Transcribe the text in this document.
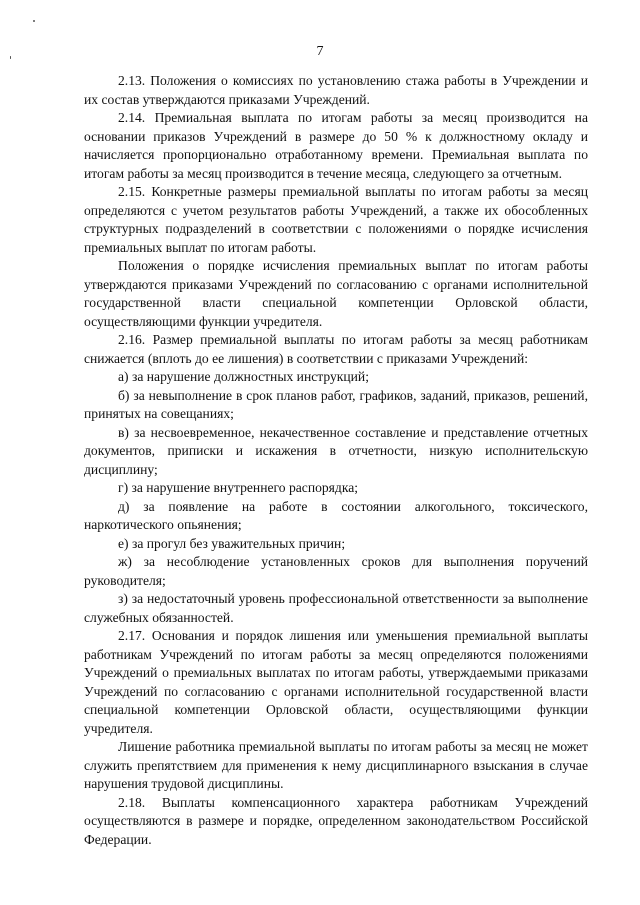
7

2.13. Положения о комиссиях по установлению стажа работы в Учреждении и их состав утверждаются приказами Учреждений.

2.14. Премиальная выплата по итогам работы за месяц производится на основании приказов Учреждений в размере до 50 % к должностному окладу и начисляется пропорционально отработанному времени. Премиальная выплата по итогам работы за месяц производится в течение месяца, следующего за отчетным.

2.15. Конкретные размеры премиальной выплаты по итогам работы за месяц определяются с учетом результатов работы Учреждений, а также их обособленных структурных подразделений в соответствии с положениями о порядке исчисления премиальных выплат по итогам работы.

Положения о порядке исчисления премиальных выплат по итогам работы утверждаются приказами Учреждений по согласованию с органами исполнительной государственной власти специальной компетенции Орловской области, осуществляющими функции учредителя.

2.16. Размер премиальной выплаты по итогам работы за месяц работникам снижается (вплоть до ее лишения) в соответствии с приказами Учреждений:

а) за нарушение должностных инструкций;

б) за невыполнение в срок планов работ, графиков, заданий, приказов, решений, принятых на совещаниях;

в) за несвоевременное, некачественное составление и представление отчетных документов, приписки и искажения в отчетности, низкую исполнительскую дисциплину;

г) за нарушение внутреннего распорядка;

д) за появление на работе в состоянии алкогольного, токсического, наркотического опьянения;

е) за прогул без уважительных причин;

ж) за несоблюдение установленных сроков для выполнения поручений руководителя;

з) за недостаточный уровень профессиональной ответственности за выполнение служебных обязанностей.

2.17. Основания и порядок лишения или уменьшения премиальной выплаты работникам Учреждений по итогам работы за месяц определяются положениями Учреждений о премиальных выплатах по итогам работы, утверждаемыми приказами Учреждений по согласованию с органами исполнительной государственной власти специальной компетенции Орловской области, осуществляющими функции учредителя.

Лишение работника премиальной выплаты по итогам работы за месяц не может служить препятствием для применения к нему дисциплинарного взыскания в случае нарушения трудовой дисциплины.

2.18. Выплаты компенсационного характера работникам Учреждений осуществляются в размере и порядке, определенном законодательством Российской Федерации.
